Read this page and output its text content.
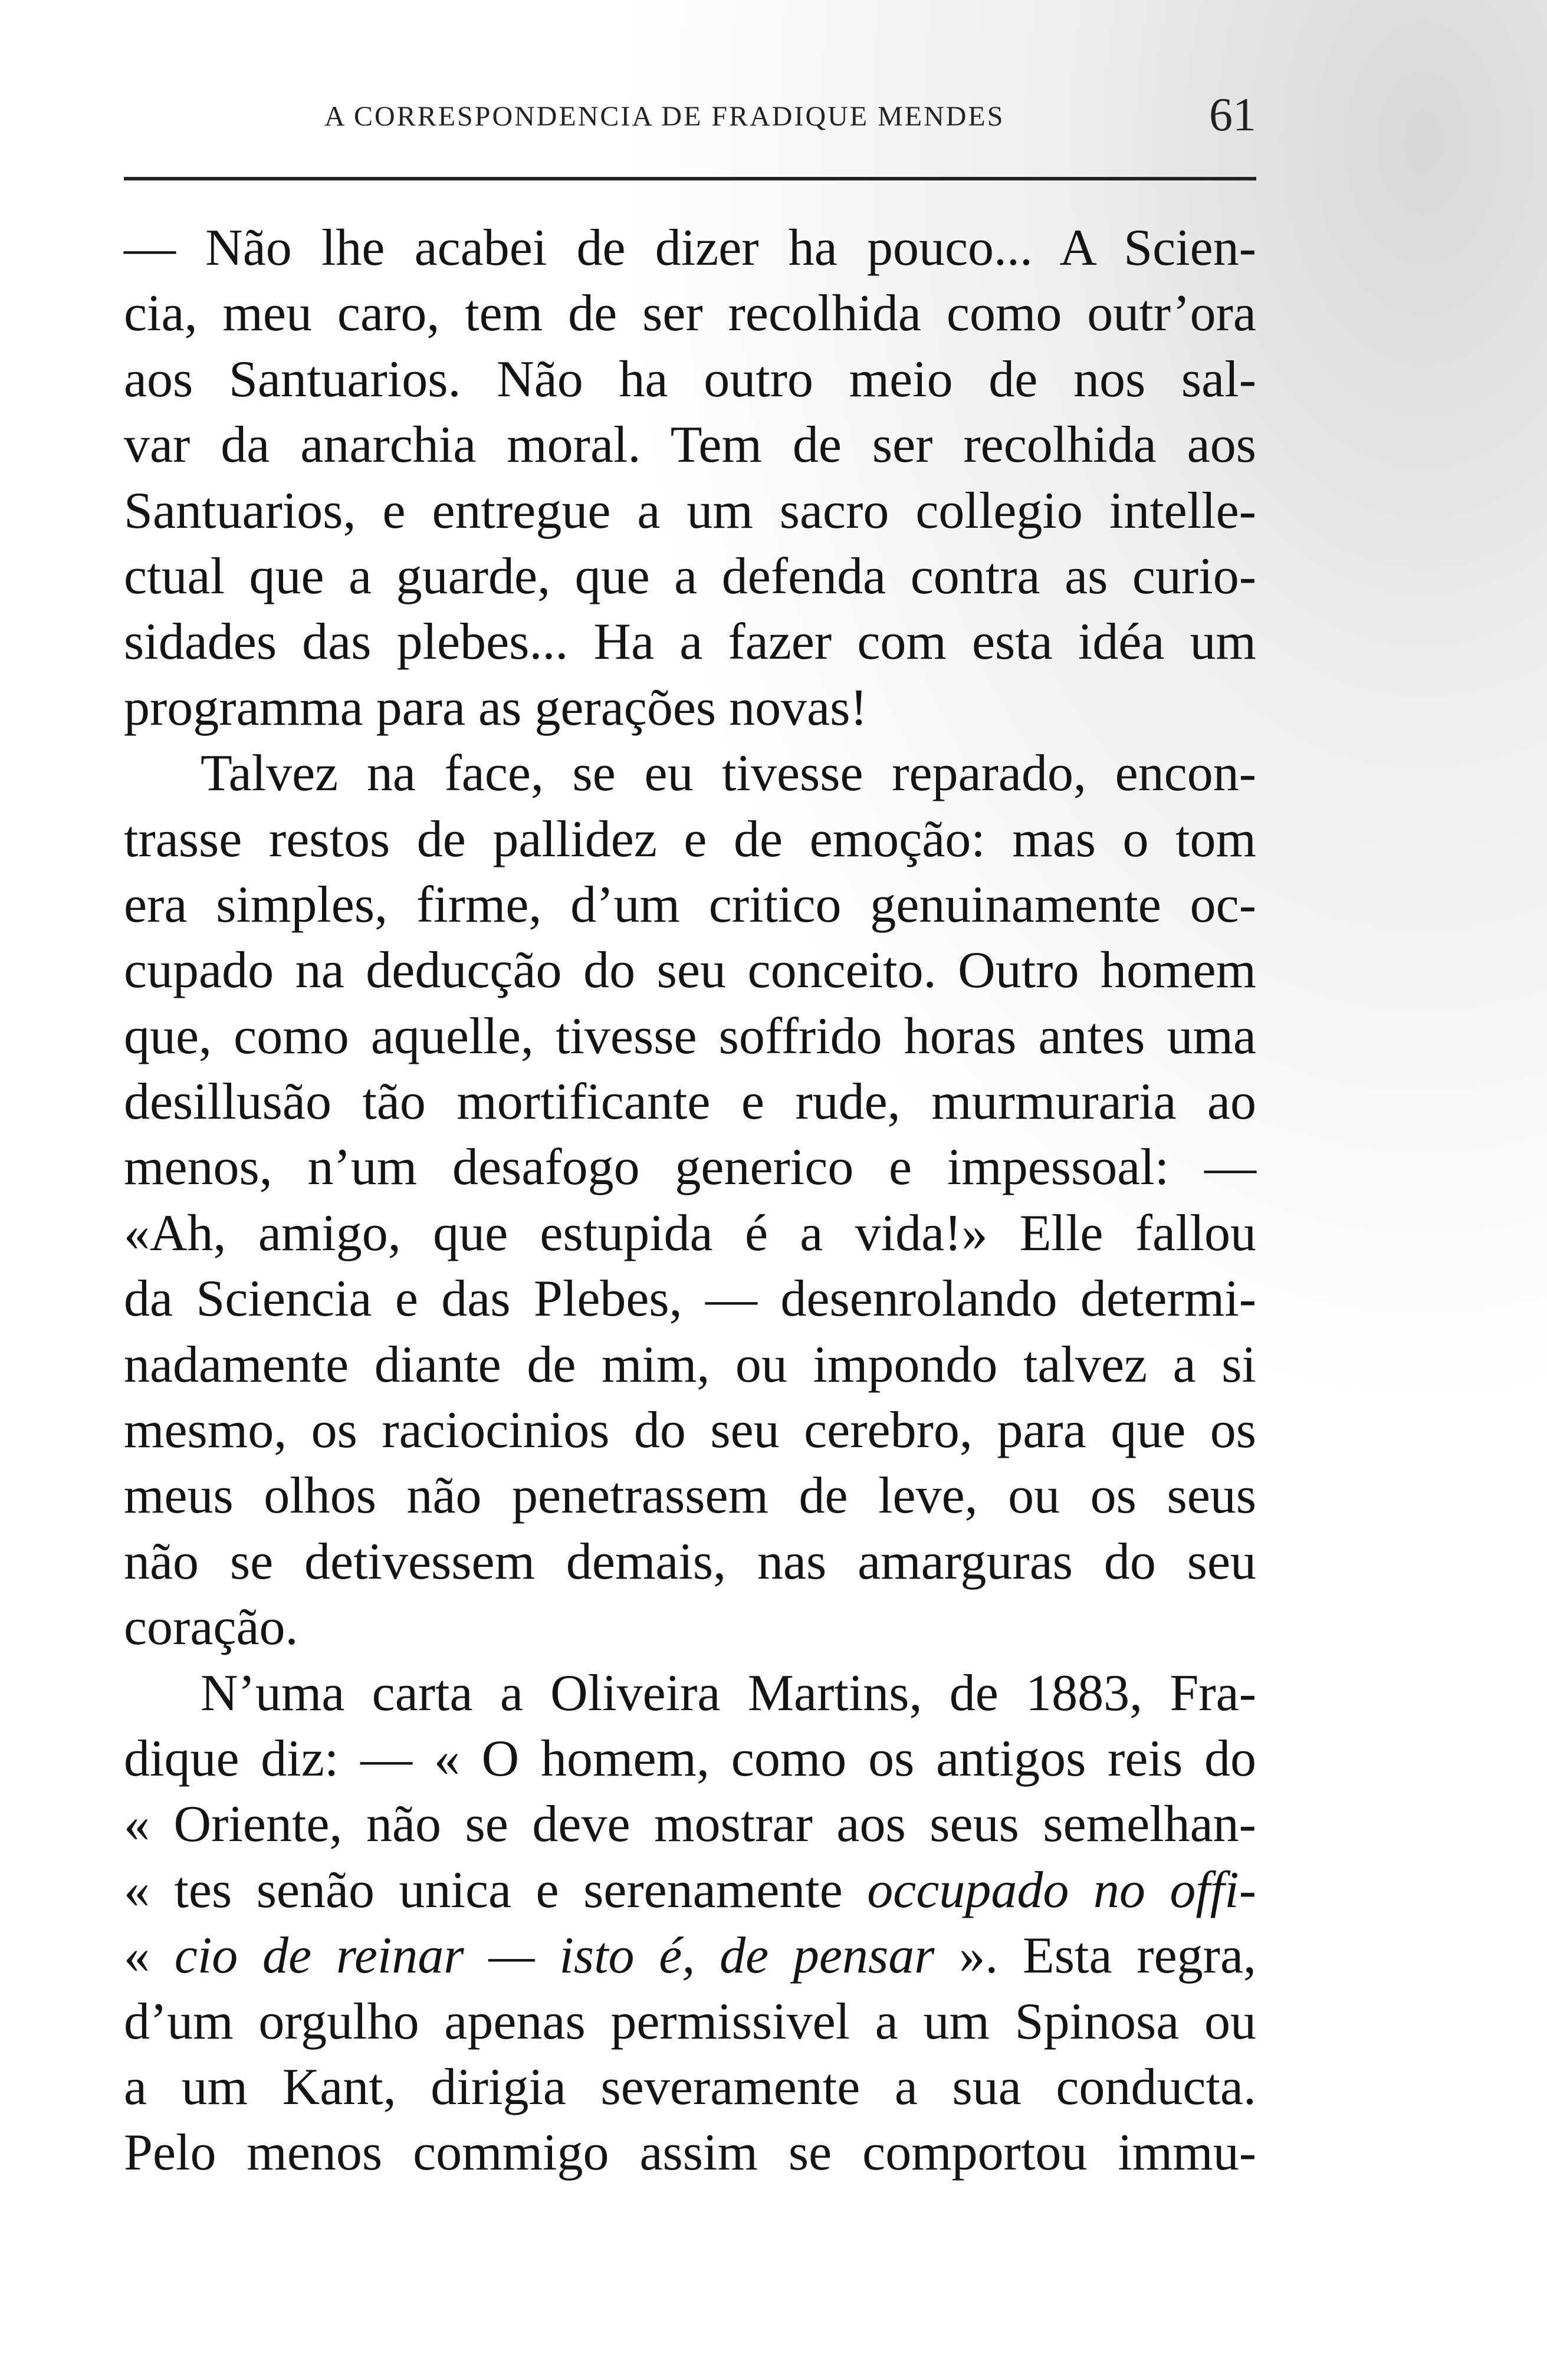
A CORRESPONDENCIA DE FRADIQUE MENDES	61
— Não lhe acabei de dizer ha pouco... A Scien-
cia, meu caro, tem de ser recolhida como outr’ora
aos Santuarios. Não ha outro meio de nos sal-
var da anarchia moral. Tem de ser recolhida aos
Santuarios, e entregue a um sacro collegio intelle-
ctual que a guarde, que a defenda contra as curio-
sidades das plebes... Ha a fazer com esta idéa um
programma para as gerações novas!
Talvez na face, se eu tivesse reparado, encon-
trasse restos de pallidez e de emoção: mas o tom
era simples, firme, d’um critico genuinamente oc-
cupado na deducção do seu conceito. Outro homem
que, como aquelle, tivesse soffrido horas antes uma
desillusão tão mortificante e rude, murmuraria ao
menos, n’um desafogo generico e impessoal: —
«Ah, amigo, que estupida é a vida!» Elle fallou
da Sciencia e das Plebes, — desenrolando determi-
nadamente diante de mim, ou impondo talvez a si
mesmo, os raciocinios do seu cerebro, para que os
meus olhos não penetrassem de leve, ou os seus
não se detivessem demais, nas amarguras do seu
coração.
N’uma carta a Oliveira Martins, de 1883, Fra-
dique diz: — « O homem, como os antigos reis do
« Oriente, não se deve mostrar aos seus semelhan-
« tes senão unica e serenamente occupado no offi-
« cio de reinar — isto é, de pensar ». Esta regra,
d’um orgulho apenas permissivel a um Spinosa ou
a um Kant, dirigia severamente a sua conducta.
Pelo menos commigo assim se comportou immu-
